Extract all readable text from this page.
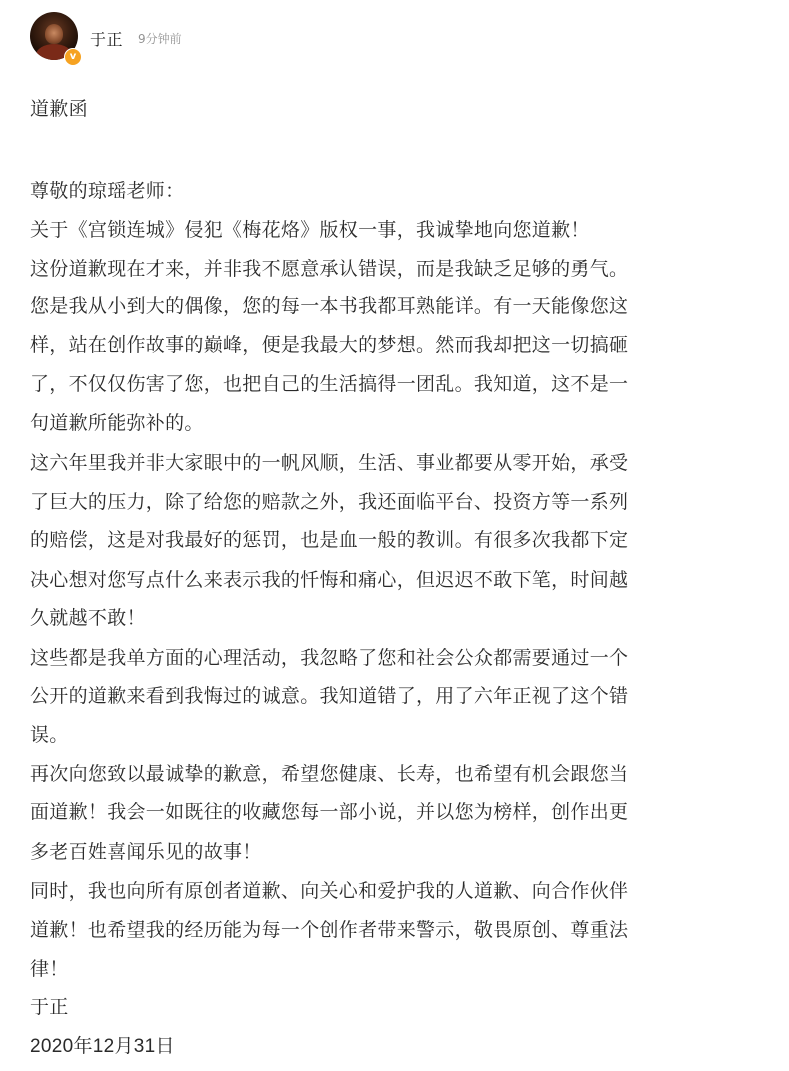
v
于正 9分钟前
道歉函
尊敬的琼瑶老师：
关于《宫锁连城》侵犯《梅花烙》版权一事，我诚挚地向您道歉！
这份道歉现在才来，并非我不愿意承认错误，而是我缺乏足够的勇气。
您是我从小到大的偶像，您的每一本书我都耳熟能详。有一天能像您这
样，站在创作故事的巅峰，便是我最大的梦想。然而我却把这一切搞砸
了，不仅仅伤害了您，也把自己的生活搞得一团乱。我知道，这不是一
句道歉所能弥补的。
这六年里我并非大家眼中的一帆风顺，生活、事业都要从零开始，承受
了巨大的压力，除了给您的赔款之外，我还面临平台、投资方等一系列
的赔偿，这是对我最好的惩罚，也是血一般的教训。有很多次我都下定
决心想对您写点什么来表示我的忏悔和痛心，但迟迟不敢下笔，时间越
久就越不敢！
这些都是我单方面的心理活动，我忽略了您和社会公众都需要通过一个
公开的道歉来看到我悔过的诚意。我知道错了，用了六年正视了这个错
误。
再次向您致以最诚挚的歉意，希望您健康、长寿，也希望有机会跟您当
面道歉！我会一如既往的收藏您每一部小说，并以您为榜样，创作出更
多老百姓喜闻乐见的故事！
同时，我也向所有原创者道歉、向关心和爱护我的人道歉、向合作伙伴
道歉！也希望我的经历能为每一个创作者带来警示，敬畏原创、尊重法
律！
于正
2020年12月31日
